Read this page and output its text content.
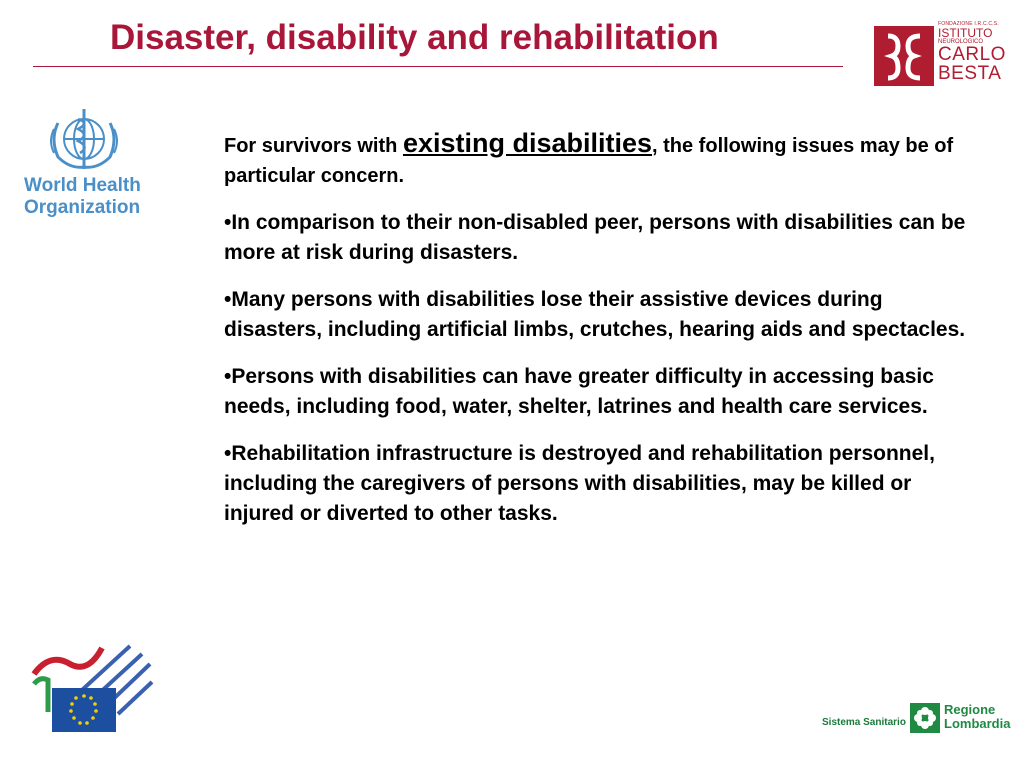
Disaster, disability and rehabilitation	FONDAZIONE I.R.C.C.S.
ISTITUTO
NEUROLOGICO
CARLO
BESTA
World Health
Organization

For survivors with existing disabilities, the following issues may be of particular concern.

•In comparison to their non-disabled peer, persons with disabilities can be more at risk during disasters.

•Many persons with disabilities lose their assistive devices during disasters, including artificial limbs, crutches, hearing aids and spectacles.

•Persons with disabilities can have greater difficulty in accessing basic needs, including food, water, shelter, latrines and health care services.

•Rehabilitation infrastructure is destroyed and rehabilitation personnel, including the caregivers of persons with disabilities, may be killed or injured or diverted to other tasks.

Sistema Sanitario
Regione
Lombardia
